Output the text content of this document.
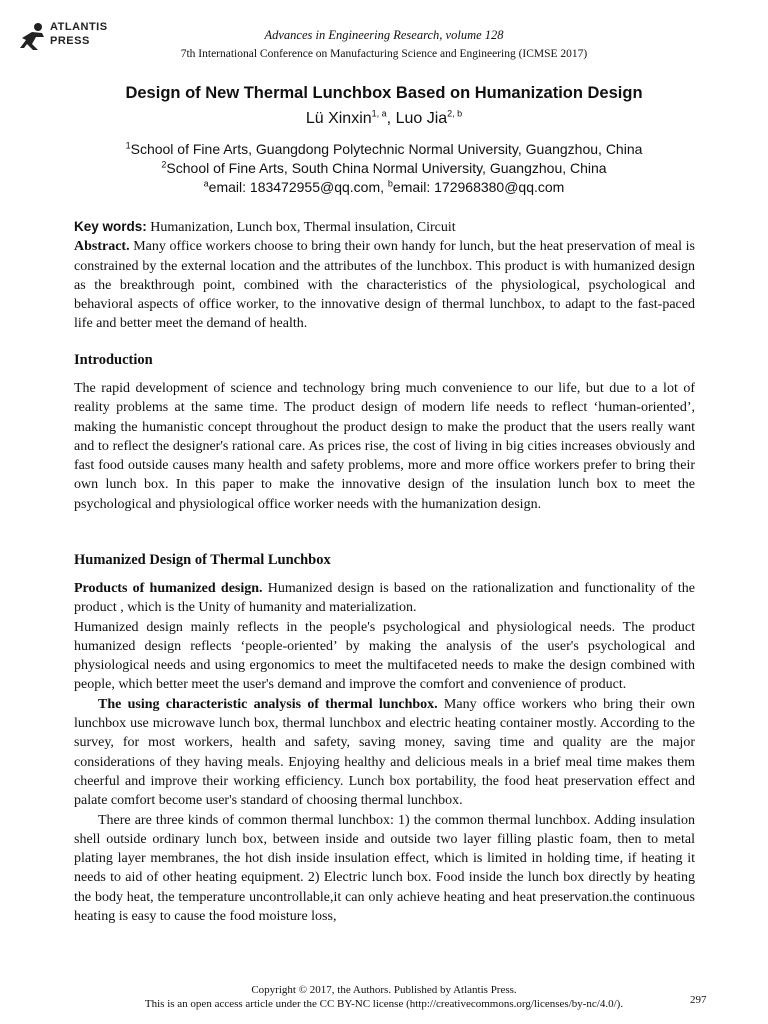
ATLANTIS
PRESS	Advances in Engineering Research, volume 128
7th International Conference on Manufacturing Science and Engineering (ICMSE 2017)
Design of New Thermal Lunchbox Based on Humanization Design
Lü Xinxin$^{1, a}$, Luo Jia$^{2, b}$
$^1$School of Fine Arts, Guangdong Polytechnic Normal University, Guangzhou, China
$^2$School of Fine Arts, South China Normal University, Guangzhou, China
$^a$email: 183472955@qq.com, $^b$email: 172968380@qq.com

Key words: Humanization, Lunch box, Thermal insulation, Circuit

Abstract. Many office workers choose to bring their own handy for lunch, but the heat preservation of meal is constrained by the external location and the attributes of the lunchbox. This product is with humanized design as the breakthrough point, combined with the characteristics of the physiological, psychological and behavioral aspects of office worker, to the innovative design of thermal lunchbox, to adapt to the fast-paced life and better meet the demand of health.

Introduction

The rapid development of science and technology bring much convenience to our life, but due to a lot of reality problems at the same time. The product design of modern life needs to reflect ‘human-oriented’, making the humanistic concept throughout the product design to make the product that the users really want and to reflect the designer's rational care. As prices rise, the cost of living in big cities increases obviously and fast food outside causes many health and safety problems, more and more office workers prefer to bring their own lunch box. In this paper to make the innovative design of the insulation lunch box to meet the psychological and physiological office worker needs with the humanization design.

Humanized Design of Thermal Lunchbox

Products of humanized design. Humanized design is based on the rationalization and functionality of the product , which is the Unity of humanity and materialization.

Humanized design mainly reflects in the people's psychological and physiological needs. The product humanized design reflects ‘people-oriented’ by making the analysis of the user's psychological and physiological needs and using ergonomics to meet the multifaceted needs to make the design combined with people, which better meet the user's demand and improve the comfort and convenience of product.

The using characteristic analysis of thermal lunchbox. Many office workers who bring their own lunchbox use microwave lunch box, thermal lunchbox and electric heating container mostly. According to the survey, for most workers, health and safety, saving money, saving time and quality are the major considerations of they having meals. Enjoying healthy and delicious meals in a brief meal time makes them cheerful and improve their working efficiency. Lunch box portability, the food heat preservation effect and palate comfort become user's standard of choosing thermal lunchbox.

There are three kinds of common thermal lunchbox: 1) the common thermal lunchbox. Adding insulation shell outside ordinary lunch box, between inside and outside two layer filling plastic foam, then to metal plating layer membranes, the hot dish inside insulation effect, which is limited in holding time, if heating it needs to aid of other heating equipment. 2) Electric lunch box. Food inside the lunch box directly by heating the body heat, the temperature uncontrollable,it can only achieve heating and heat preservation.the continuous heating is easy to cause the food moisture loss,

Copyright © 2017, the Authors. Published by Atlantis Press.
This is an open access article under the CC BY-NC license (http://creativecommons.org/licenses/by-nc/4.0/).	297
